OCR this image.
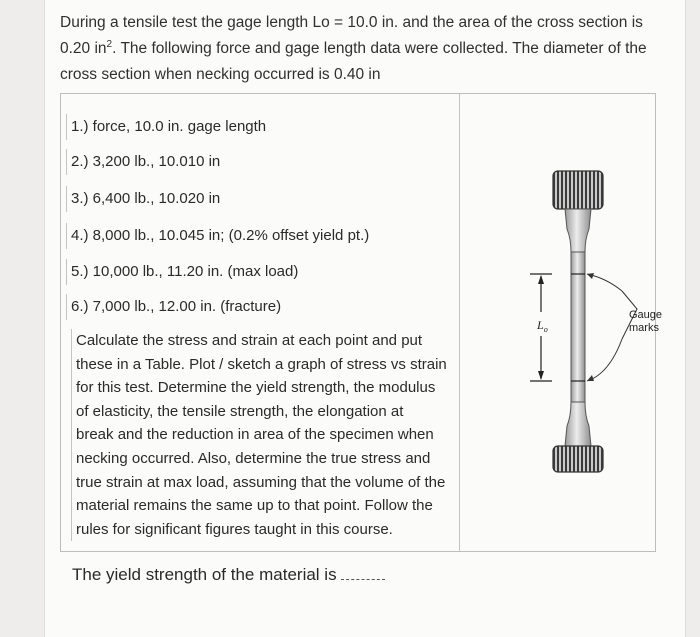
During a tensile test the gage length Lo = 10.0 in. and the area of the cross section is
0.20 $in^2$. The following force and gage length data were collected. The diameter of the
cross section when necking occurred is 0.40 in
1.) force, 10.0 in. gage length
2.) 3,200 lb., 10.010 in
3.) 6,400 lb., 10.020 in
4.) 8,000 lb., 10.045 in; (0.2% offset yield pt.)
5.) 10,000 lb., 11.20 in. (max load)
6.) 7,000 lb., 12.00 in. (fracture)
Calculate the stress and strain at each point and put
these in a Table. Plot / sketch a graph of stress vs strain
for this test. Determine the yield strength, the modulus
of elasticity, the tensile strength, the elongation at
break and the reduction in area of the specimen when
necking occurred. Also, determine the true stress and
true strain at max load, assuming that the volume of the
material remains the same up to that point. Follow the
rules for significant figures taught in this course.
$L_o$
Gauge
marks
The yield strength of the material is
